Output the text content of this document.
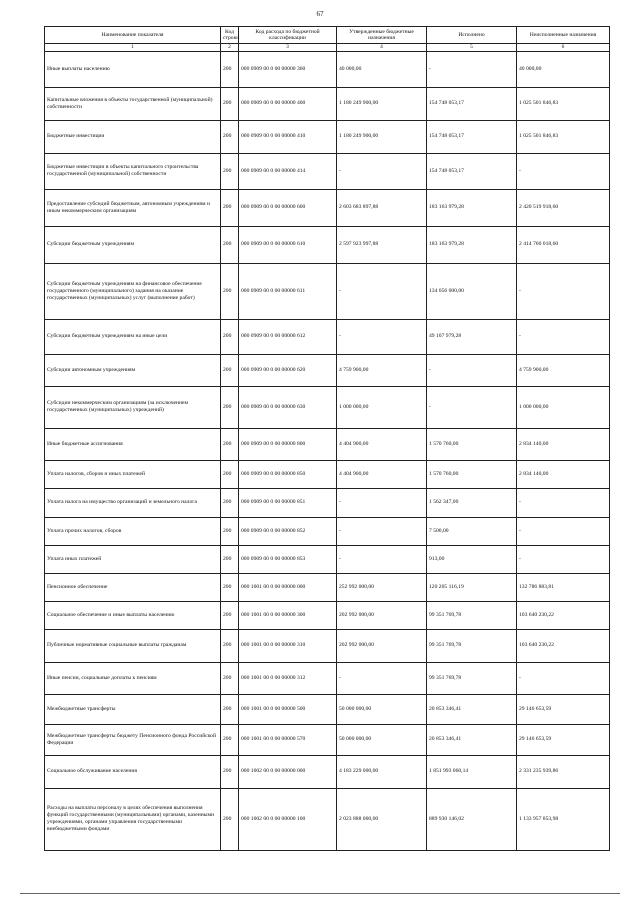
67
Наименование показателя	Код строки	Код расхода по бюджетной классификации	Утвержденные бюджетные назначения	Исполнено	Неисполненные назначения
1	2	3	4	5	6
Иные выплаты населению	200	000 0909 00 0 00 00000 360	40 000,00	-	40 000,00
Капитальные вложения в объекты государственной (муниципальной) собственности	200	000 0909 00 0 00 00000 400	1 180 249 900,00	154 748 053,17	1 025 501 846,83
Бюджетные инвестиции	200	000 0909 00 0 00 00000 410	1 180 249 900,00	154 748 053,17	1 025 501 846,83
Бюджетные инвестиции в объекты капитального строительства государственной (муниципальной) собственности	200	000 0909 00 0 00 00000 414	-	154 748 053,17	-
Предоставление субсидий бюджетным, автономным учреждениям и иным некоммерческим организациям	200	000 0909 00 0 00 00000 600	2 603 683 897,88	183 163 979,28	2 420 519 918,60
Субсидии бюджетным учреждениям	200	000 0909 00 0 00 00000 610	2 597 923 997,88	183 163 979,28	2 414 760 018,60
Субсидии бюджетным учреждениям на финансовое обеспечение государственного (муниципального) задания на оказание государственных (муниципальных) услуг (выполнение работ)	200	000 0909 00 0 00 00000 611	-	134 056 000,00	-
Субсидии бюджетным учреждениям на иные цели	200	000 0909 00 0 00 00000 612	-	49 107 979,28	-
Субсидии автономным учреждениям	200	000 0909 00 0 00 00000 620	4 759 900,00	-	4 759 900,00
Субсидии некоммерческим организациям (за исключением государственных (муниципальных) учреждений)	200	000 0909 00 0 00 00000 630	1 000 000,00	-	1 000 000,00
Иные бюджетные ассигнования	200	000 0909 00 0 00 00000 800	4 404 900,00	1 570 760,00	2 834 140,00
Уплата налогов, сборов и иных платежей	200	000 0909 00 0 00 00000 850	4 404 900,00	1 570 760,00	2 834 140,00
Уплата налога на имущество организаций и земельного налога	200	000 0909 00 0 00 00000 851	-	1 562 347,00	-
Уплата прочих налогов, сборов	200	000 0909 00 0 00 00000 852	-	7 500,00	-
Уплата иных платежей	200	000 0909 00 0 00 00000 853	-	913,00	-
Пенсионное обеспечение	200	000 1001 00 0 00 00000 000	252 992 000,00	120 205 116,19	132 786 883,81
Социальное обеспечение и иные выплаты населению	200	000 1001 00 0 00 00000 300	202 992 000,00	99 351 769,78	103 640 230,22
Публичные нормативные социальные выплаты гражданам	200	000 1001 00 0 00 00000 310	202 992 000,00	99 351 769,78	103 640 230,22
Иные пенсии, социальные доплаты к пенсиям	200	000 1001 00 0 00 00000 312	-	99 351 769,78	-
Межбюджетные трансферты	200	000 1001 00 0 00 00000 500	50 000 000,00	20 853 346,41	29 146 653,59
Межбюджетные трансферты бюджету Пенсионного фонда Российской Федерации	200	000 1001 00 0 00 00000 570	50 000 000,00	20 853 346,41	29 146 653,59
Социальное обслуживание населения	200	000 1002 00 0 00 00000 000	4 183 229 000,00	1 851 993 060,14	2 331 235 939,86
Расходы на выплаты персоналу в целях обеспечения выполнения функций государственными (муниципальными) органами, казенными учреждениями, органами управления государственными внебюджетными фондами	200	000 1002 00 0 00 00000 100	2 023 888 000,00	889 930 146,02	1 133 957 853,98
